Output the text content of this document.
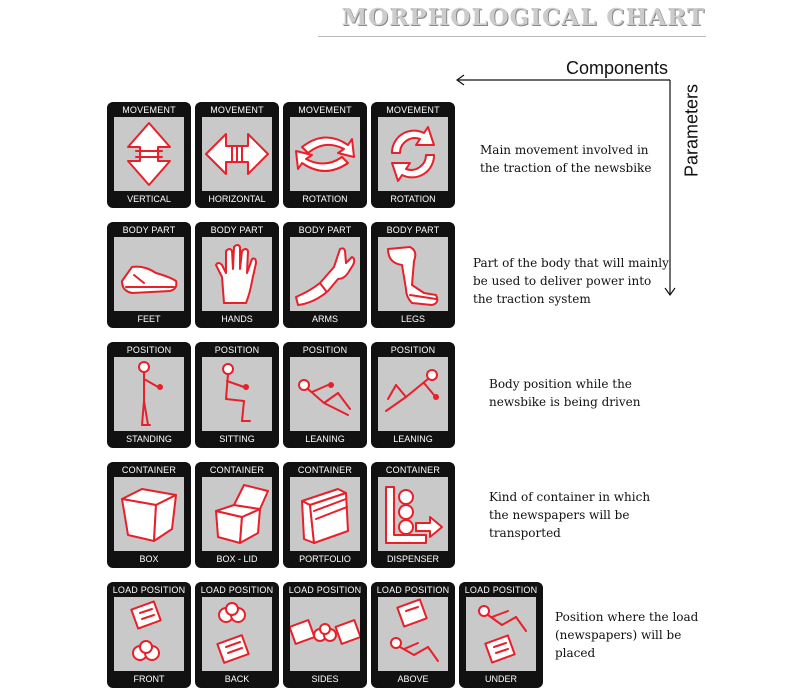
MORPHOLOGICAL CHART
Components
Parameters
MOVEMENT
VERTICAL
MOVEMENT
HORIZONTAL
MOVEMENT
ROTATION
MOVEMENT
ROTATION
BODY PART
FEET
BODY PART
HANDS
BODY PART
ARMS
BODY PART
LEGS
POSITION
STANDING
POSITION
SITTING
POSITION
LEANING
POSITION
LEANING
CONTAINER
BOX
CONTAINER
BOX - LID
CONTAINER
PORTFOLIO
CONTAINER
DISPENSER
LOAD POSITION
FRONT
LOAD POSITION
BACK
LOAD POSITION
SIDES
LOAD POSITION
ABOVE
LOAD POSITION
UNDER
Main movement involved in
the traction of the newsbike
Part of the body that will mainly
be used to deliver power into
the traction system
Body position while the
newsbike is being driven
Kind of container in which
the newspapers will be
transported
Position where the load
(newspapers) will be
placed
